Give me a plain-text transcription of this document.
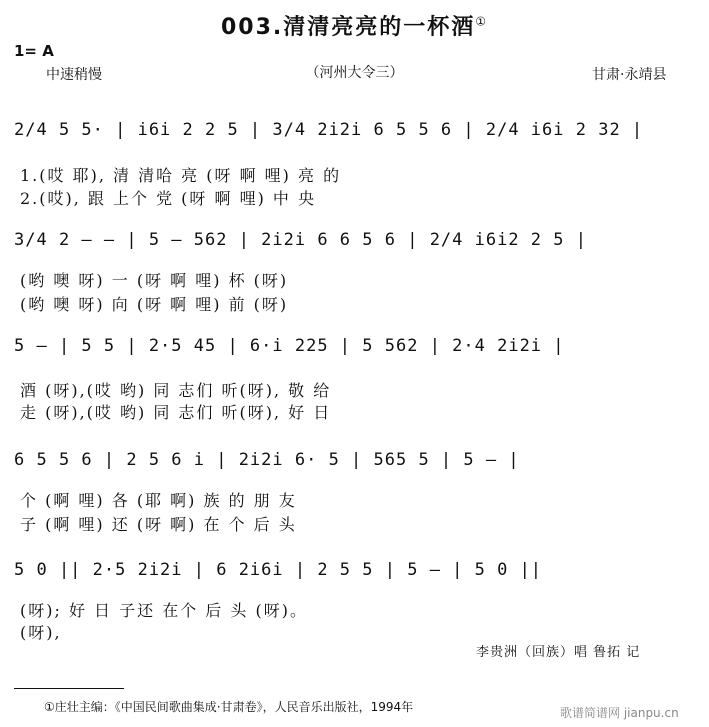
003.清清亮亮的一杯酒①
1= A
中速稍慢	（河州大令三）	甘肃·永靖县
2/4 5 5· | i6i 2 2 5 | 3/4 2i2i 6 5 5 6 | 2/4 i6i 2 32 |
1.(哎 耶), 清 清哈 亮 (呀 啊 哩) 亮 的
2.(哎), 跟 上个 党 (呀 啊 哩) 中 央
3/4 2 – – | 5 – 562 | 2i2i 6 6 5 6 | 2/4 i6i2 2 5 |
(哟 噢 呀) 一 (呀 啊 哩) 杯 (呀)
(哟 噢 呀) 向 (呀 啊 哩) 前 (呀)
5 – | 5 5 | 2·5 45 | 6·i 225 | 5 562 | 2·4 2i2i |
酒 (呀),(哎 哟) 同 志们 听(呀), 敬 给
走 (呀),(哎 哟) 同 志们 听(呀), 好 日
6 5 5 6 | 2 5 6 i | 2i2i 6· 5 | 565 5 | 5 – |
个 (啊 哩) 各 (耶 啊) 族 的 朋 友
子 (啊 哩) 还 (呀 啊) 在 个 后 头
5 0 || 2·5 2i2i | 6 2i6i | 2 5 5 | 5 – | 5 0 ||
(呀); 好 日 子还 在个 后 头 (呀)。
(呀),
李贵洲（回族）唱 鲁拓 记
①庄壮主编：《中国民间歌曲集成·甘肃卷》，人民音乐出版社，1994年	歌谱简谱网 jianpu.cn
